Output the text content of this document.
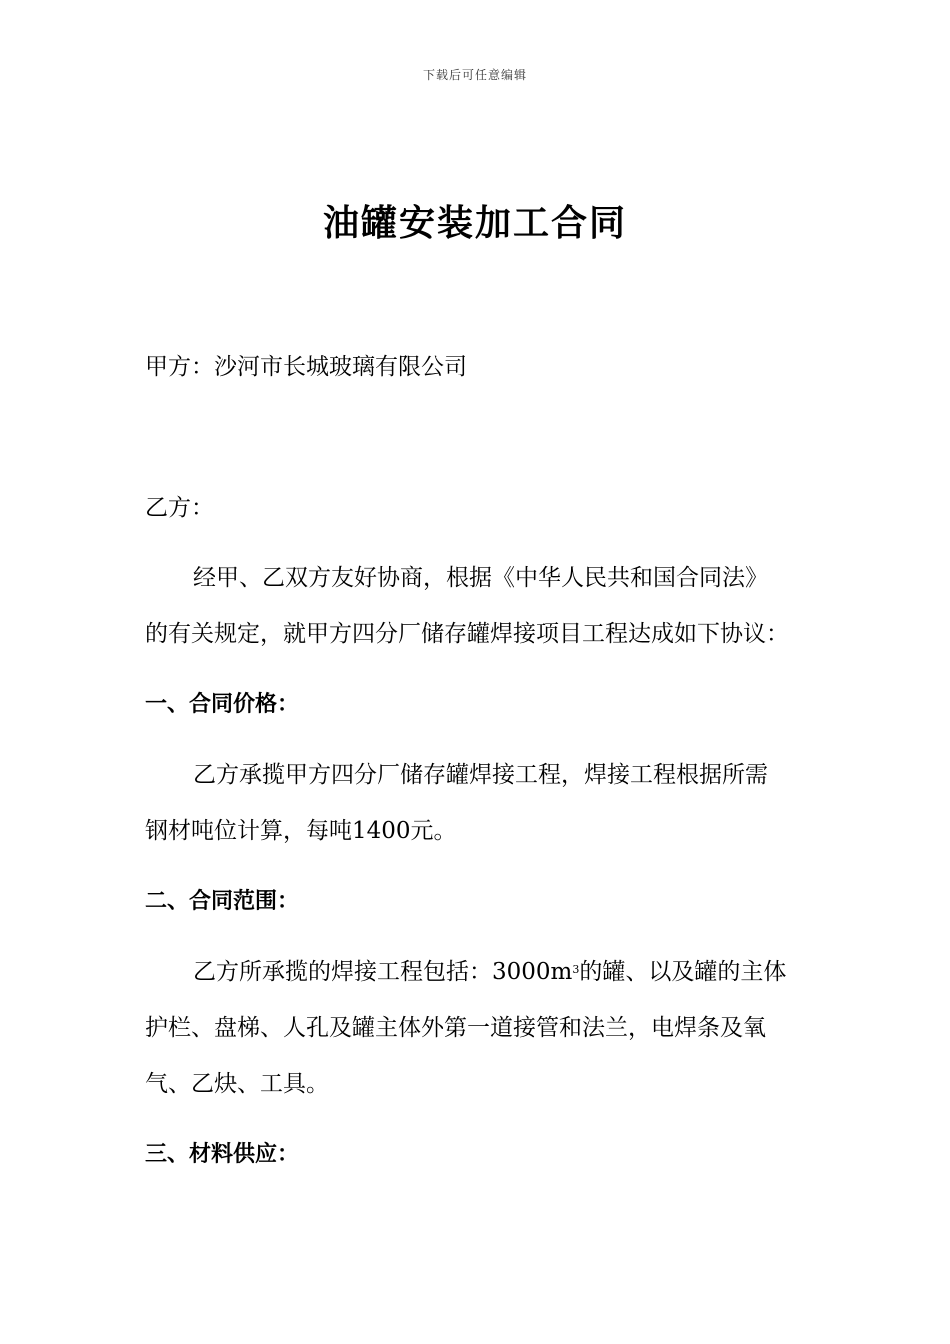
下载后可任意编辑
油罐安装加工合同
甲方：沙河市长城玻璃有限公司
乙方：
经甲、乙双方友好协商，根据《中华人民共和国合同法》
的有关规定，就甲方四分厂储存罐焊接项目工程达成如下协议：
一、合同价格：
乙方承揽甲方四分厂储存罐焊接工程，焊接工程根据所需
钢材吨位计算，每吨1400元。
二、合同范围：
乙方所承揽的焊接工程包括：$3000m^3$的罐、以及罐的主体
护栏、盘梯、人孔及罐主体外第一道接管和法兰，电焊条及氧
气、乙炔、工具。
三、材料供应：
